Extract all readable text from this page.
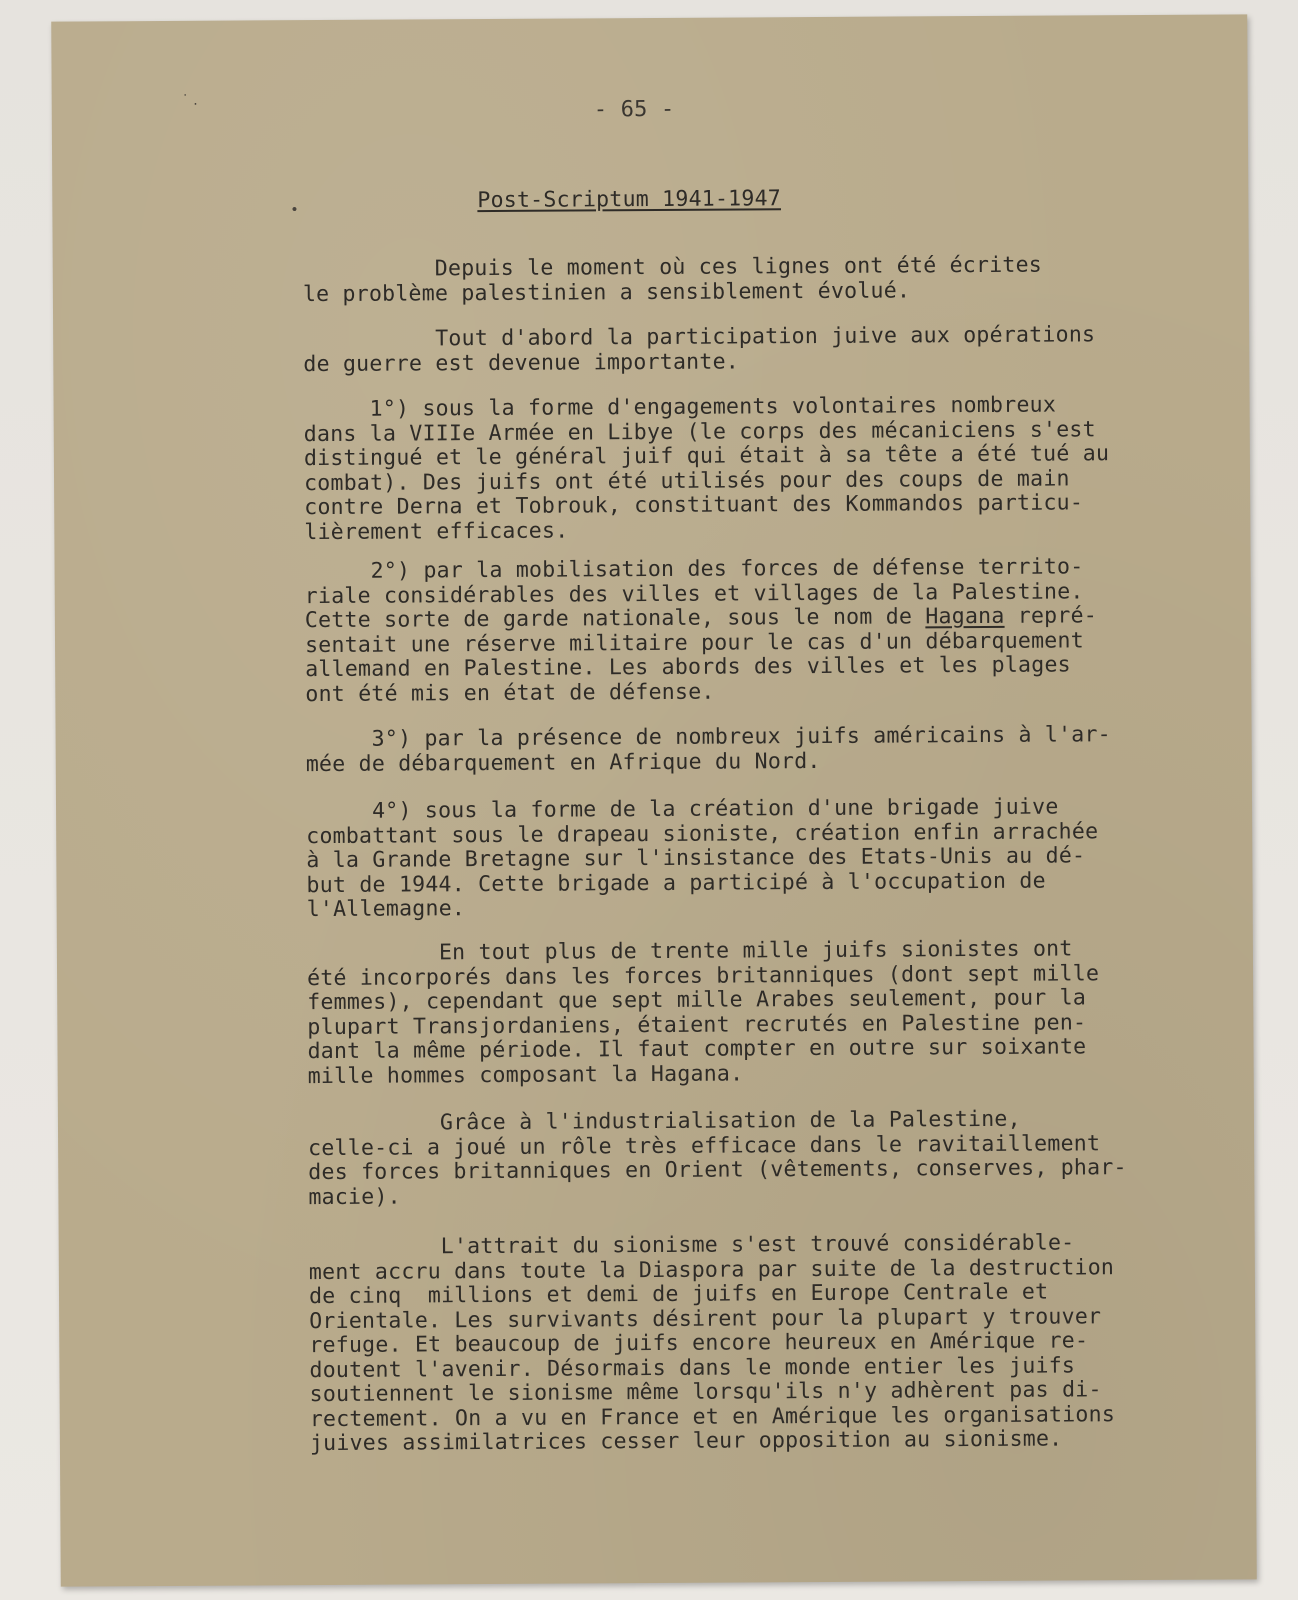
˙ .
•
- 65 -
Post-Scriptum 1941-1947
Depuis le moment où ces lignes ont été écrites
le problème palestinien a sensiblement évolué.
Tout d'abord la participation juive aux opérations
de guerre est devenue importante.
1°) sous la forme d'engagements volontaires nombreux
dans la VIIIe Armée en Libye (le corps des mécaniciens s'est
distingué et le général juif qui était à sa tête a été tué au
combat). Des juifs ont été utilisés pour des coups de main
contre Derna et Tobrouk, constituant des Kommandos particu-
lièrement efficaces.
2°) par la mobilisation des forces de défense territo-
riale considérables des villes et villages de la Palestine.
Cette sorte de garde nationale, sous le nom de Hagana repré-
sentait une réserve militaire pour le cas d'un débarquement
allemand en Palestine. Les abords des villes et les plages
ont été mis en état de défense.
3°) par la présence de nombreux juifs américains à l'ar-
mée de débarquement en Afrique du Nord.
4°) sous la forme de la création d'une brigade juive
combattant sous le drapeau sioniste, création enfin arrachée
à la Grande Bretagne sur l'insistance des Etats-Unis au dé-
but de 1944. Cette brigade a participé à l'occupation de
l'Allemagne.
En tout plus de trente mille juifs sionistes ont
été incorporés dans les forces britanniques (dont sept mille
femmes), cependant que sept mille Arabes seulement, pour la
plupart Transjordaniens, étaient recrutés en Palestine pen-
dant la même période. Il faut compter en outre sur soixante
mille hommes composant la Hagana.
Grâce à l'industrialisation de la Palestine,
celle-ci a joué un rôle très efficace dans le ravitaillement
des forces britanniques en Orient (vêtements, conserves, phar-
macie).
L'attrait du sionisme s'est trouvé considérable-
ment accru dans toute la Diaspora par suite de la destruction
de cinq  millions et demi de juifs en Europe Centrale et
Orientale. Les survivants désirent pour la plupart y trouver
refuge. Et beaucoup de juifs encore heureux en Amérique re-
doutent l'avenir. Désormais dans le monde entier les juifs
soutiennent le sionisme même lorsqu'ils n'y adhèrent pas di-
rectement. On a vu en France et en Amérique les organisations
juives assimilatrices cesser leur opposition au sionisme.
